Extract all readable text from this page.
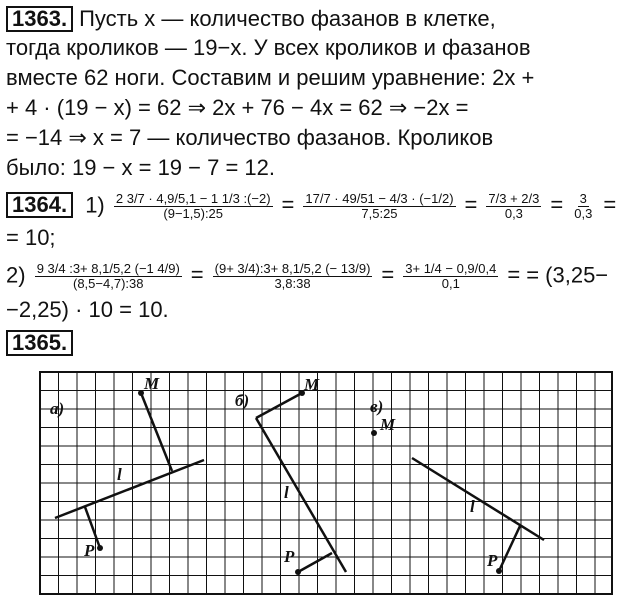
1363. Пусть x — количество фазанов в клетке,
тогда кроликов — 19−x. У всех кроликов и фазанов
вместе 62 ноги. Составим и решим уравнение: 2x +
+ 4 · (19 − x) = 62 ⇒ 2x + 76 − 4x = 62 ⇒ −2x =
= −14 ⇒ x = 7 — количество фазанов. Кроликов
было: 19 − x = 19 − 7 = 12.
1364. $1) \frac{2 3/7 \cdot 4,9/5,1 - 1 1/3 :(-2)}{(9-1,5):25} = \frac{17/7 \cdot 49/51 - 4/3 \cdot (-1/2)}{7,5:25} = \frac{7/3 + 2/3}{0,3} = \frac{3}{0,3}$ =
= 10;
$2) \frac{9 3/4 :3+ 8,1/5,2 (-1 4/9)}{(8,5-4,7):38} = \frac{(9+ 3/4):3+ 8,1/5,2 (- 13/9)}{3,8:38} = \frac{3+ 1/4 - 0,9/0,4}{0,1}$ = = (3,25−
−2,25) · 10 = 10.
1365.
а)
M
l
P
б)
M
l
P
в)
M
l
P
